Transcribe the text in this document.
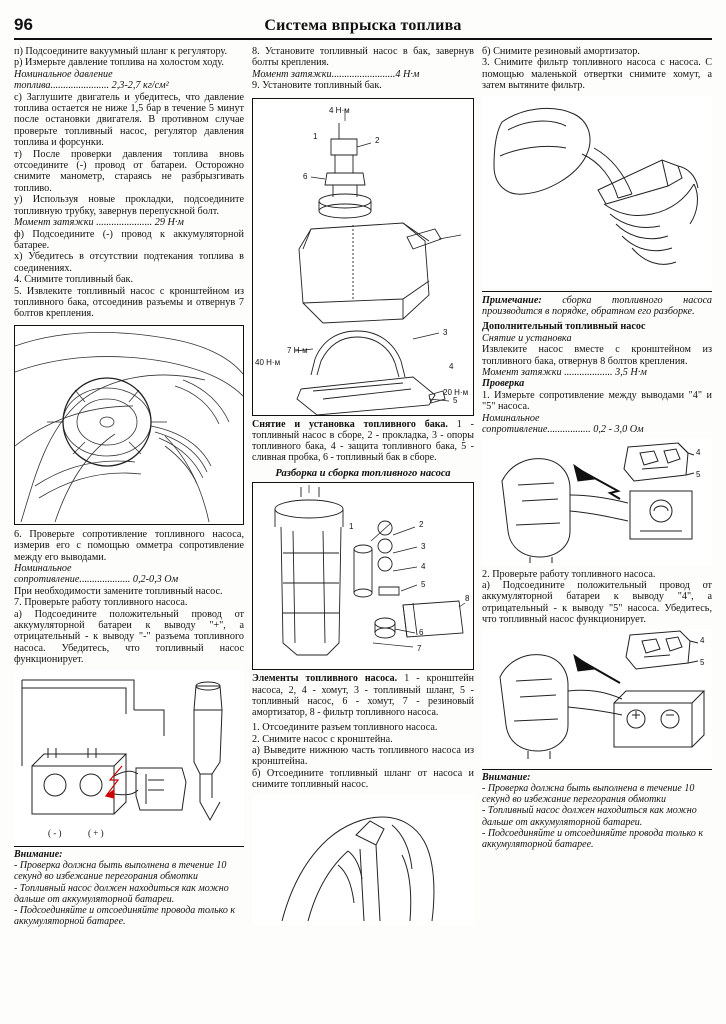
96	Система впрыска топлива

п) Подсоедините вакуумный шланг к регулятору.

р) Измерьте давление топлива на холостом ходу.

Номинальное давление

топлива....................... 2,3-2,7 кг/см²

с) Заглушите двигатель и убедитесь, что давление топлива остается не ниже 1,5 бар в течение 5 минут после остановки двигателя. В противном случае проверьте топливный насос, регулятор давления топлива и форсунки.

т) После проверки давления топлива вновь отсоедините (-) провод от батареи. Осторожно снимите манометр, стараясь не разбрызгивать топливо.

у) Используя новые прокладки, подсоедините топливную трубку, завернув перепускной болт.

Момент затяжки ...................... 29 Н·м

ф) Подсоедините (-) провод к аккумуляторной батарее.

х) Убедитесь в отсутствии подтекания топлива в соединениях.

4. Снимите топливный бак.

5. Извлеките топливный насос с кронштейном из топливного бака, отсоединив разъемы и отвернув 7 болтов крепления.

6. Проверьте сопротивление топливного насоса, измерив его с помощью омметра сопротивление между его выводами.

Номинальное

сопротивление.................... 0,2-0,3 Ом

При необходимости замените топливный насос.

7. Проверьте работу топливного насоса.

а) Подсоедините положительный провод от аккумуляторной батареи к выводу "+", а отрицательный - к выводу "-" разъема топливного насоса. Убедитесь, что топливный насос функционирует.

( - )	( + )
Внимание:
- Проверка должна быть выполнена в течение 10 секунд во избежание перегорания обмотки
- Топливный насос должен находиться как можно дальше от аккумуляторной батареи.
- Подсоединяйте и отсоединяйте провода только к аккумуляторной батарее.

8. Установите топливный насос в бак, завернув болты крепления.

Момент затяжки.........................4 Н·м

9. Установите топливный бак.

4 Н·м
2
6
7 Н·м
40 Н·м
3
5
20 Н·м
1
4
Снятие и установка топливного бака. 1 - топливный насос в сборе, 2 - прокладка, 3 - опоры топливного бака, 4 - защита топливного бака, 5 - сливная пробка, 6 - топливный бак в сборе.
Разборка и сборка топливного насоса
1	2
3
4
5
8
6
7
Элементы топливного насоса. 1 - кронштейн насоса, 2, 4 - хомут, 3 - топливный шланг, 5 - топливный насос, 6 - хомут, 7 - резиновый амортизатор, 8 - фильтр топливного насоса.

1. Отсоедините разъем топливного насоса.

2. Снимите насос с кронштейна.

а) Выведите нижнюю часть топливного насоса из кронштейна.

б) Отсоедините топливный шланг от насоса и снимите топливный насос.

б) Снимите резиновый амортизатор.

3. Снимите фильтр топливного насоса с насоса. С помощью маленькой отвертки снимите хомут, а затем вытяните фильтр.

Примечание: сборка топливного насоса производится в порядке, обратном его разборке.

Дополнительный топливный насос

Снятие и установка

Извлеките насос вместе с кронштейном из топливного бака, отвернув 8 болтов крепления.

Момент затяжки ................... 3,5 Н·м

Проверка

1. Измерьте сопротивление между выводами "4" и "5" насоса.

Номинальное

сопротивление................. 0,2 - 3,0 Ом

4
5

2. Проверьте работу топливного насоса.

а) Подсоедините положительный провод от аккумуляторной батареи к выводу "4", а отрицательный - к выводу "5" насоса. Убедитесь, что топливный насос функционирует.

4
5
Внимание:
- Проверка должна быть выполнена в течение 10 секунд во избежание перегорания обмотки
- Топливный насос должен находиться как можно дальше от аккумуляторной батареи.
- Подсоединяйте и отсоединяйте провода только к аккумуляторной батарее.
